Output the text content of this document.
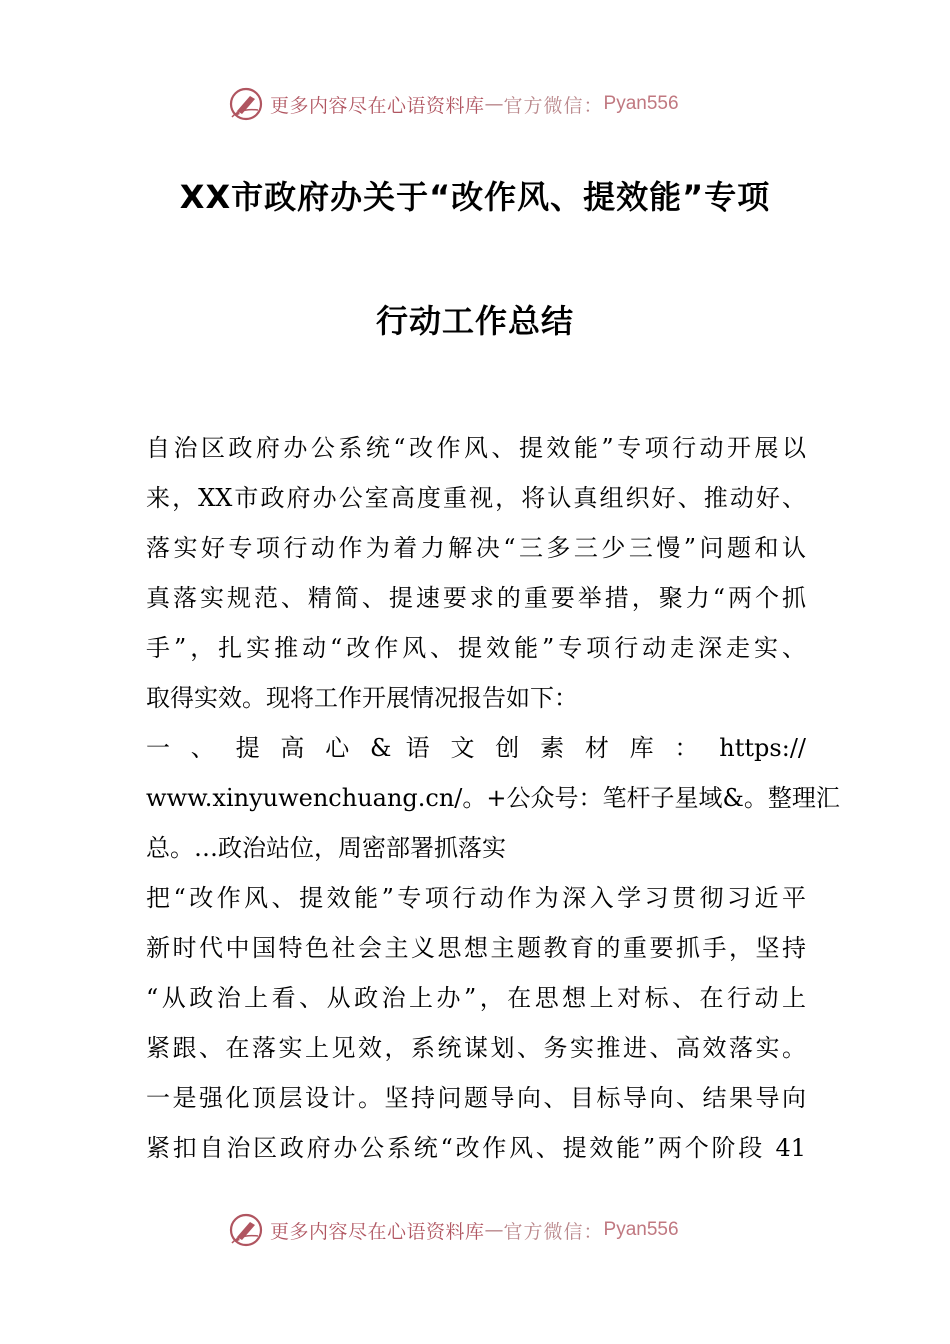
更多内容尽在心语资料库 — 官方微信： Pyan556
XX市政府办关于“改作风、提效能”专项
行动工作总结
自治区政府办公系统“改作风、提效能”专项行动开展以
来，XX市政府办公室高度重视，将认真组织好、推动好、
落实好专项行动作为着力解决“三多三少三慢”问题和认
真落实规范、精简、提速要求的重要举措，聚力“两个抓
手”，扎实推动“改作风、提效能”专项行动走深走实、
取得实效。现将工作开展情况报告如下：
一 、 提 高 心 & 语 文 创 素 材 库 ： https://
www.xinyuwenchuang.cn/。+公众号：笔杆子星域&。整理汇
总。…政治站位，周密部署抓落实
把“改作风、提效能”专项行动作为深入学习贯彻习近平
新时代中国特色社会主义思想主题教育的重要抓手，坚持
“从政治上看、从政治上办”，在思想上对标、在行动上
紧跟、在落实上见效，系统谋划、务实推进、高效落实。
一是强化顶层设计。坚持问题导向、目标导向、结果导向
紧扣自治区政府办公系统“改作风、提效能”两个阶段 41
更多内容尽在心语资料库 — 官方微信： Pyan556
